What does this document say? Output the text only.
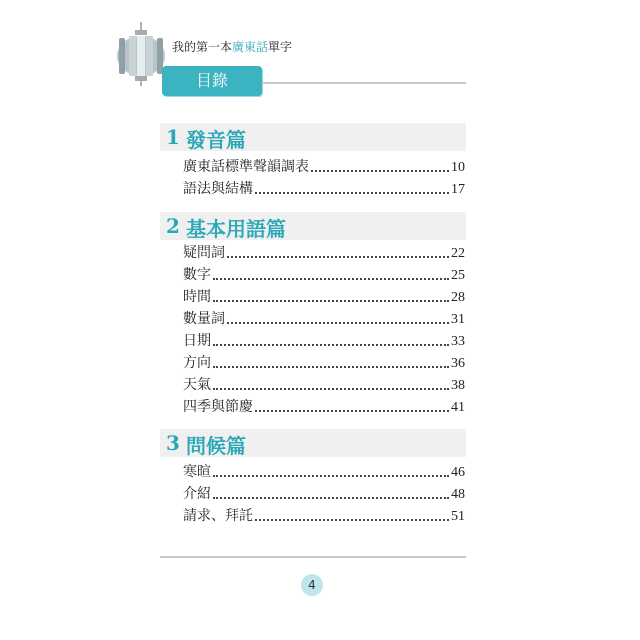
我的第一本廣東話單字
目錄
1 發音篇
廣東話標準聲韻調表	10
語法與結構	17
2 基本用語篇
疑問詞	22
數字	25
時間	28
數量詞	31
日期	33
方向	36
天氣	38
四季與節慶	41
3 問候篇
寒暄	46
介紹	48
請求、拜託	51
4
